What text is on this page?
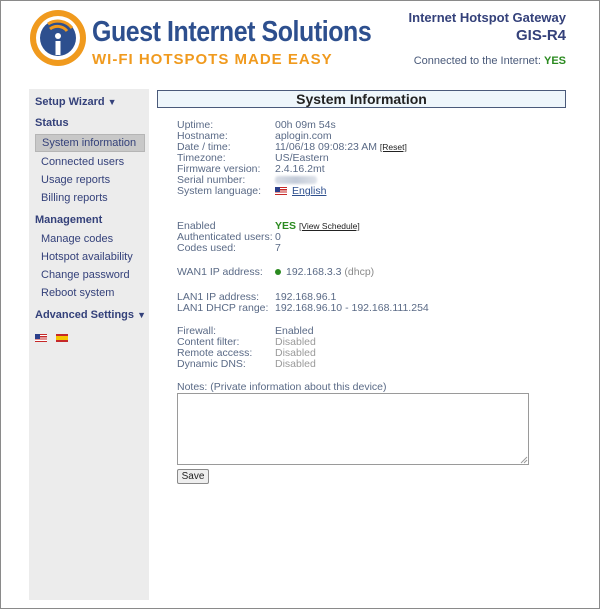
Guest Internet Solutions
WI-FI HOTSPOTS MADE EASY
Internet Hotspot Gateway
GIS-R4
Connected to the Internet: YES
Setup Wizard ▼
Status
System information
Connected users
Usage reports
Billing reports
Management
Manage codes
Hotspot availability
Change password
Reboot system
Advanced Settings ▼

System Information
Uptime:	00h 09m 54s
Hostname:	aplogin.com
Date / time:	11/06/18 09:08:23 AM [Reset]
Timezone:	US/Eastern
Firmware version:	2.4.16.2mt
Serial number:
System language:	English
Enabled	YES [View Schedule]
Authenticated users: 0
Codes used:	7
WAN1 IP address:	192.168.3.3 (dhcp)
LAN1 IP address:	192.168.96.1
LAN1 DHCP range: 192.168.96.10 - 192.168.111.254
Firewall:	Enabled
Content filter:	Disabled
Remote access:	Disabled
Dynamic DNS:	Disabled
Notes: (Private information about this device)
Save
